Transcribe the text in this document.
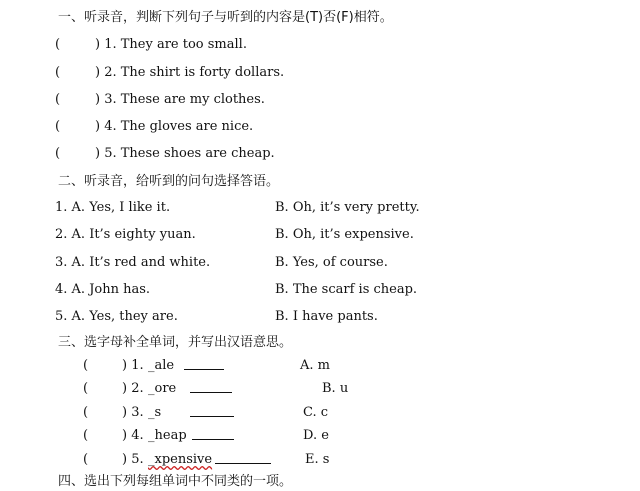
一、听录音，判断下列句子与听到的内容是(T)否(F)相符。
(	) 1. They are too small.
(	) 2. The shirt is forty dollars.
(	) 3. These are my clothes.
(	) 4. The gloves are nice.
(	) 5. These shoes are cheap.
二、听录音，给听到的问句选择答语。
1. A. Yes, I like it.	B. Oh, it’s very pretty.
2. A. It’s eighty yuan.	B. Oh, it’s expensive.
3. A. It’s red and white.	B. Yes, of course.
4. A. John has.	B. The scarf is cheap.
5. A. Yes, they are.	B. I have pants.
三、选字母补全单词，并写出汉语意思。
(	) 1. _ale	A. m
(	) 2. _ore	B. u
(	) 3. _s	C. c
(	) 4. _heap	D. e
(	) 5. _xpensive	E. s
四、选出下列每组单词中不同类的一项。
